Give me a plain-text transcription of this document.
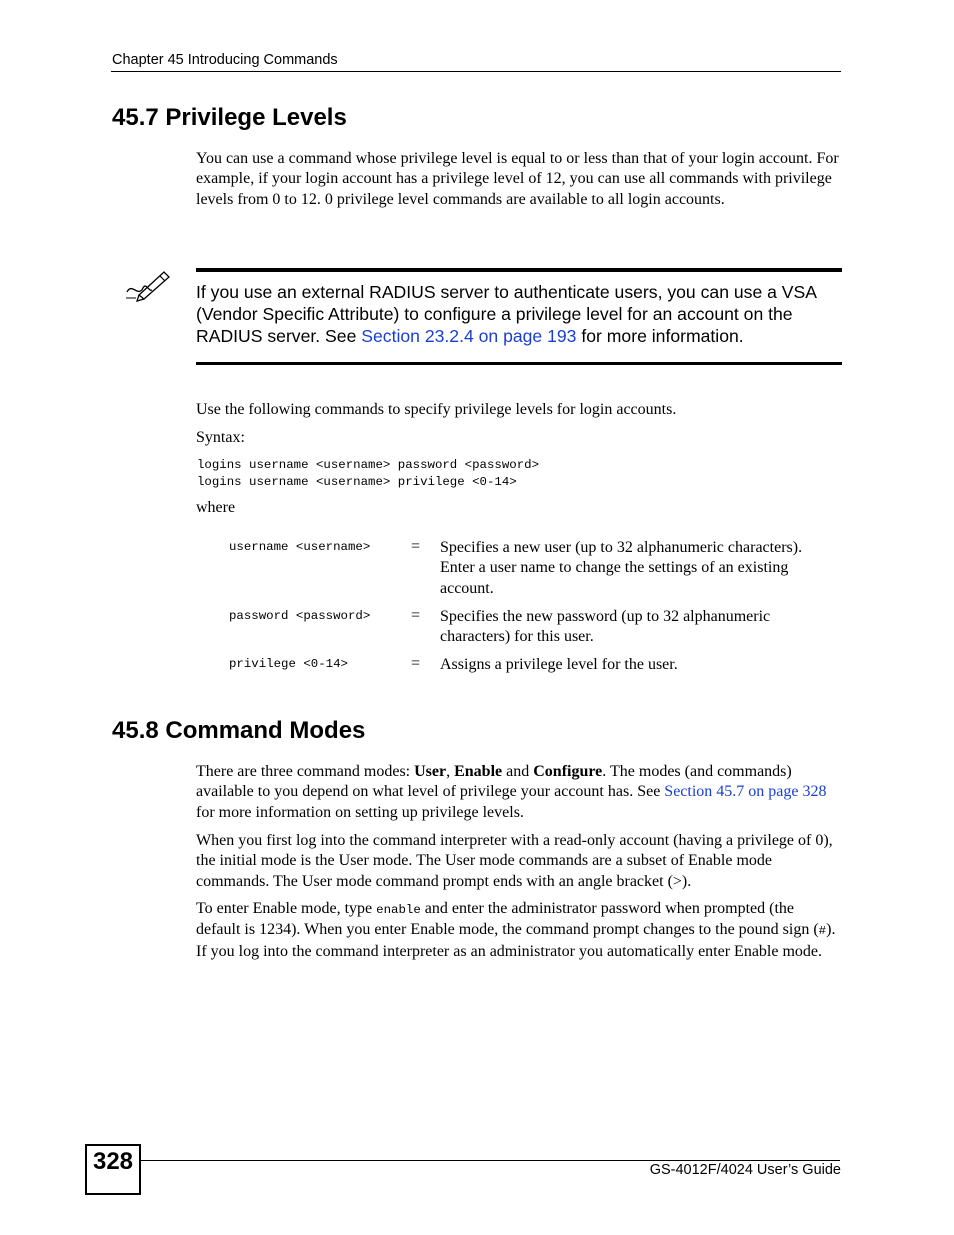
Chapter 45 Introducing Commands
45.7 Privilege Levels
You can use a command whose privilege level is equal to or less than that of your login account. For example, if your login account has a privilege level of 12, you can use all commands with privilege levels from 0 to 12. 0 privilege level commands are available to all login accounts.
If you use an external RADIUS server to authenticate users, you can use a VSA (Vendor Specific Attribute) to configure a privilege level for an account on the RADIUS server. See Section 23.2.4 on page 193 for more information.
Use the following commands to specify privilege levels for login accounts.
Syntax:
logins username <username> password <password>
logins username <username> privilege <0-14>
where
username <username>	= Specifies a new user (up to 32 alphanumeric characters). Enter a user name to change the settings of an existing account.
password <password>	= Specifies the new password (up to 32 alphanumeric characters) for this user.
privilege <0-14>	= Assigns a privilege level for the user.
45.8 Command Modes
There are three command modes: User, Enable and Configure. The modes (and commands) available to you depend on what level of privilege your account has. See Section 45.7 on page 328 for more information on setting up privilege levels.
When you first log into the command interpreter with a read-only account (having a privilege of 0), the initial mode is the User mode. The User mode commands are a subset of Enable mode commands. The User mode command prompt ends with an angle bracket (>).
To enter Enable mode, type enable and enter the administrator password when prompted (the default is 1234). When you enter Enable mode, the command prompt changes to the pound sign (#). If you log into the command interpreter as an administrator you automatically enter Enable mode.
328	GS-4012F/4024 User’s Guide
